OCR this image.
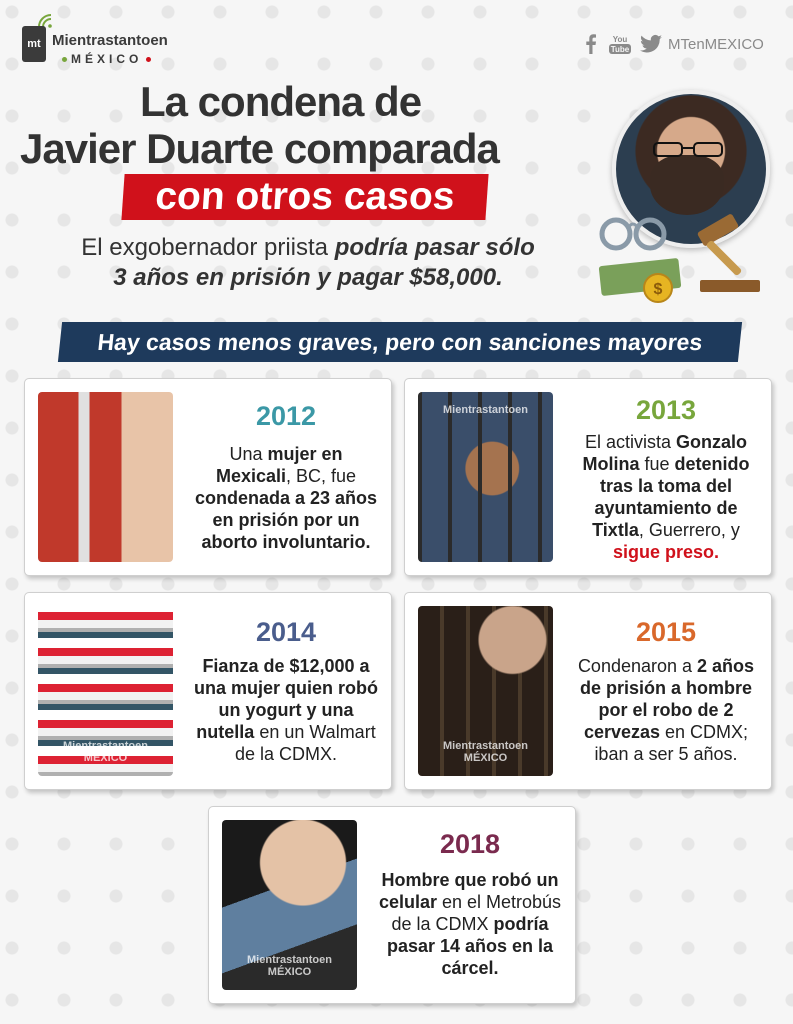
mt Mientrastantoen
MÉXICO
You
Tube	MTenMEXICO
La condena de
Javier Duarte comparada
con otros casos
El exgobernador priista podría pasar sólo
3 años en prisión y pagar $58,000.	$
Hay casos menos graves, pero con sanciones mayores
2012
Una mujer en Mexicali, BC, fue condenada a 23 años en prisión por un aborto involuntario.
Mientrastantoen	2013
El activista Gonzalo Molina fue detenido tras la toma del ayuntamiento de Tixtla, Guerrero, y sigue preso.
Mientrastantoen
MÉXICO
2014
Fianza de $12,000 a una mujer quien robó un yogurt y una nutella en un Walmart de la CDMX.	Mientrastantoen
MÉXICO
2015
Condenaron a 2 años de prisión a hombre por el robo de 2 cervezas en CDMX; iban a ser 5 años.
Mientrastantoen
MÉXICO
2018
Hombre que robó un celular en el Metrobús de la CDMX podría pasar 14 años en la cárcel.
